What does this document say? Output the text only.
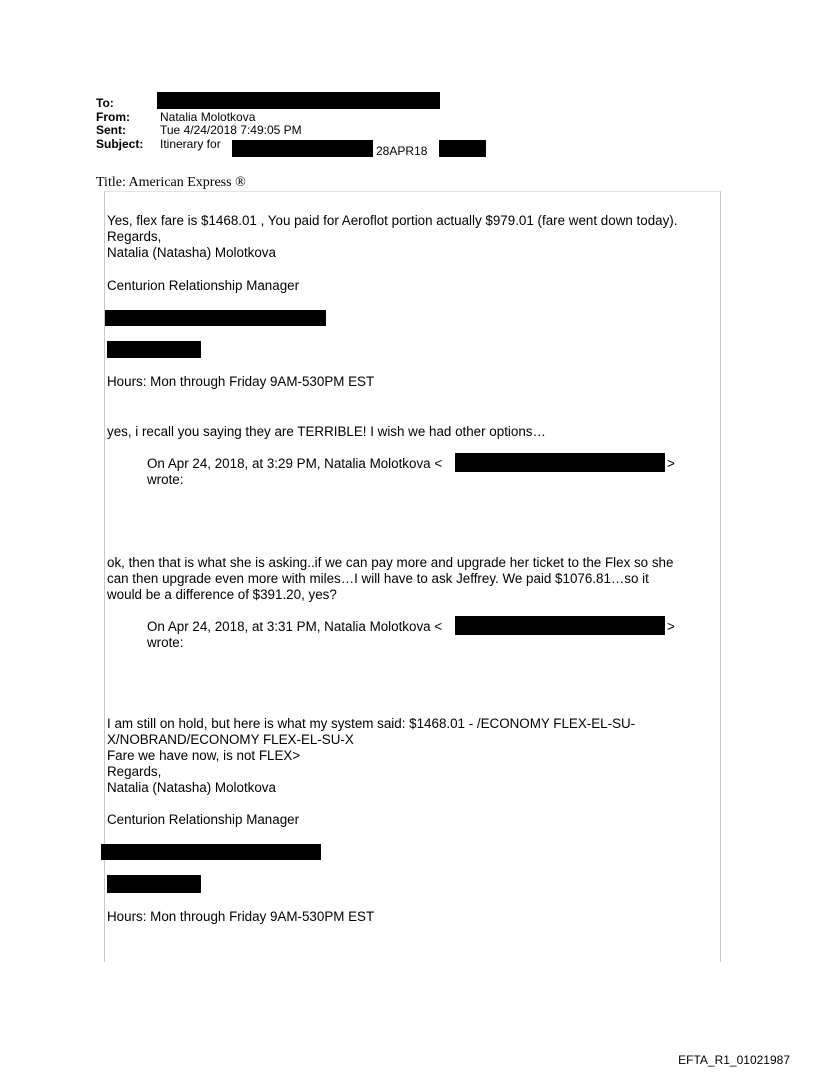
To:
From:	Natalia Molotkova
Sent:	Tue 4/24/2018 7:49:05 PM
Subject: Itinerary for	28APR18
Title: American Express ®
Yes, flex fare is $1468.01 , You paid for Aeroflot portion actually $979.01 (fare went down today).
Regards,
Natalia (Natasha) Molotkova
Centurion Relationship Manager
Hours: Mon through Friday 9AM-530PM EST
yes, i recall you saying they are TERRIBLE! I wish we had other options…
On Apr 24, 2018, at 3:29 PM, Natalia Molotkova <	>
wrote:
ok, then that is what she is asking..if we can pay more and upgrade her ticket to the Flex so she
can then upgrade even more with miles…I will have to ask Jeffrey. We paid $1076.81…so it
would be a difference of $391.20, yes?
On Apr 24, 2018, at 3:31 PM, Natalia Molotkova <	>
wrote:
I am still on hold, but here is what my system said: $1468.01 - /ECONOMY FLEX-EL-SU-
X/NOBRAND/ECONOMY FLEX-EL-SU-X
Fare we have now, is not FLEX>
Regards,
Natalia (Natasha) Molotkova
Centurion Relationship Manager
Hours: Mon through Friday 9AM-530PM EST
EFTA_R1_01021987
